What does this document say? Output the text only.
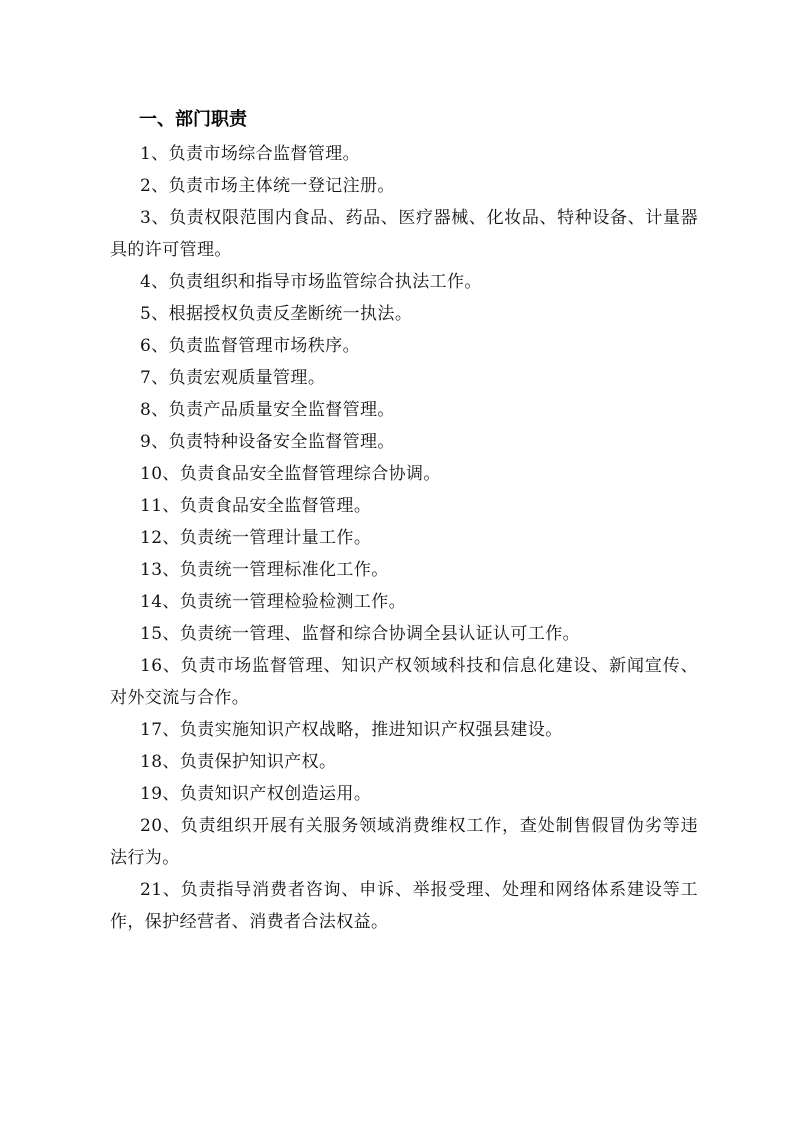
一、部门职责
1、负责市场综合监督管理。
2、负责市场主体统一登记注册。
3、负责权限范围内食品、药品、医疗器械、化妆品、特种设备、计量器具的许可管理。
4、负责组织和指导市场监管综合执法工作。
5、根据授权负责反垄断统一执法。
6、负责监督管理市场秩序。
7、负责宏观质量管理。
8、负责产品质量安全监督管理。
9、负责特种设备安全监督管理。
10、负责食品安全监督管理综合协调。
11、负责食品安全监督管理。
12、负责统一管理计量工作。
13、负责统一管理标准化工作。
14、负责统一管理检验检测工作。
15、负责统一管理、监督和综合协调全县认证认可工作。
16、负责市场监督管理、知识产权领域科技和信息化建设、新闻宣传、对外交流与合作。
17、负责实施知识产权战略，推进知识产权强县建设。
18、负责保护知识产权。
19、负责知识产权创造运用。
20、负责组织开展有关服务领域消费维权工作，查处制售假冒伪劣等违法行为。
21、负责指导消费者咨询、申诉、举报受理、处理和网络体系建设等工作，保护经营者、消费者合法权益。
